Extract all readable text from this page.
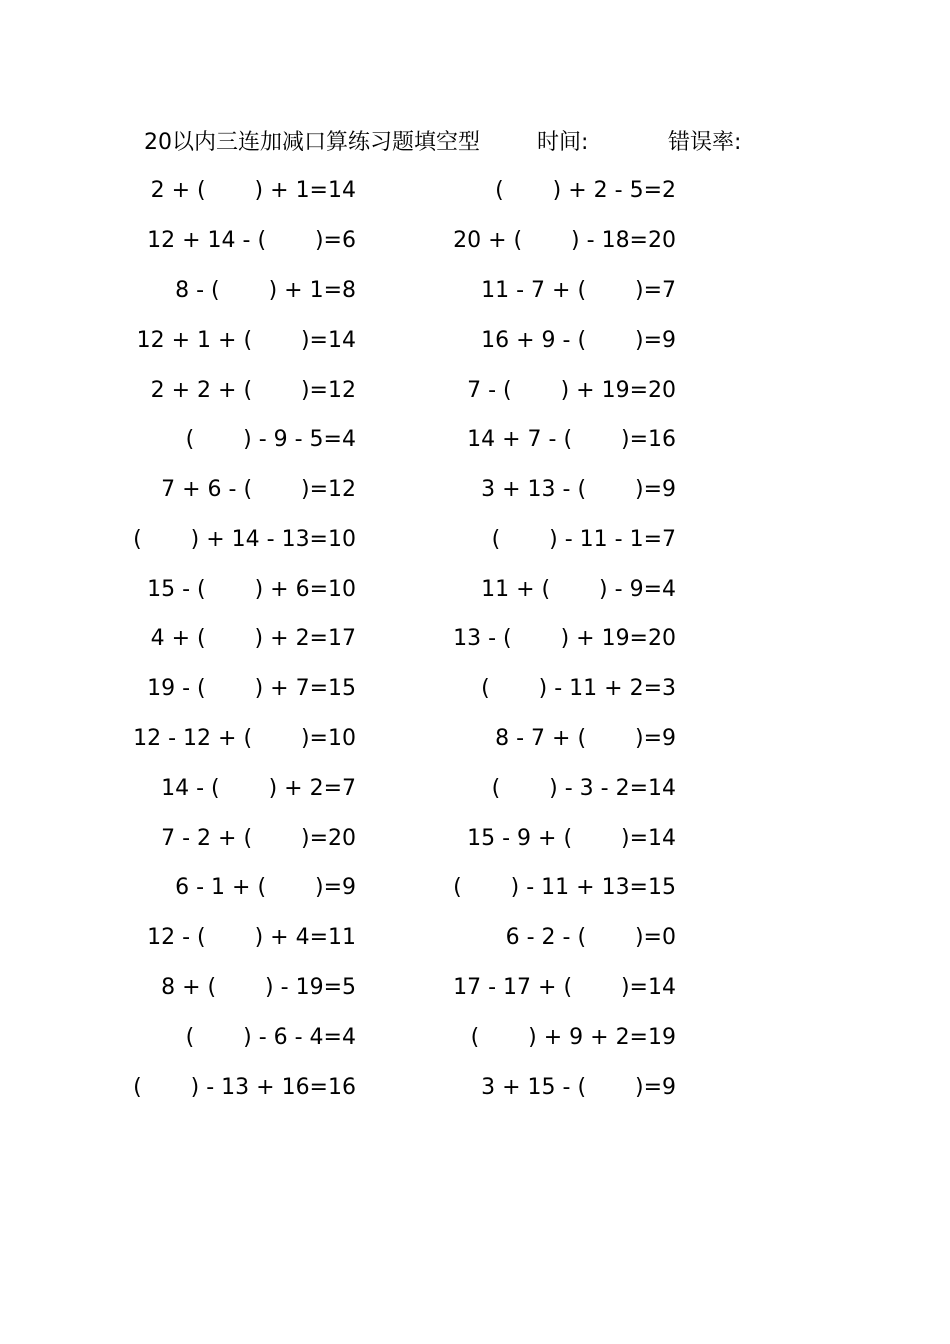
20以内三连加减口算练习题填空型	时间:	错误率:
2 + (       ) + 1=14
12 + 14 - (       )=6
8 - (       ) + 1=8
12 + 1 + (       )=14
2 + 2 + (       )=12
(       ) - 9 - 5=4
7 + 6 - (       )=12
(       ) + 14 - 13=10
15 - (       ) + 6=10
4 + (       ) + 2=17
19 - (       ) + 7=15
12 - 12 + (       )=10
14 - (       ) + 2=7
7 - 2 + (       )=20
6 - 1 + (       )=9
12 - (       ) + 4=11
8 + (       ) - 19=5
(       ) - 6 - 4=4
(       ) - 13 + 16=16
(       ) + 2 - 5=2
20 + (       ) - 18=20
11 - 7 + (       )=7
16 + 9 - (       )=9
7 - (       ) + 19=20
14 + 7 - (       )=16
3 + 13 - (       )=9
(       ) - 11 - 1=7
11 + (       ) - 9=4
13 - (       ) + 19=20
(       ) - 11 + 2=3
8 - 7 + (       )=9
(       ) - 3 - 2=14
15 - 9 + (       )=14
(       ) - 11 + 13=15
6 - 2 - (       )=0
17 - 17 + (       )=14
(       ) + 9 + 2=19
3 + 15 - (       )=9
